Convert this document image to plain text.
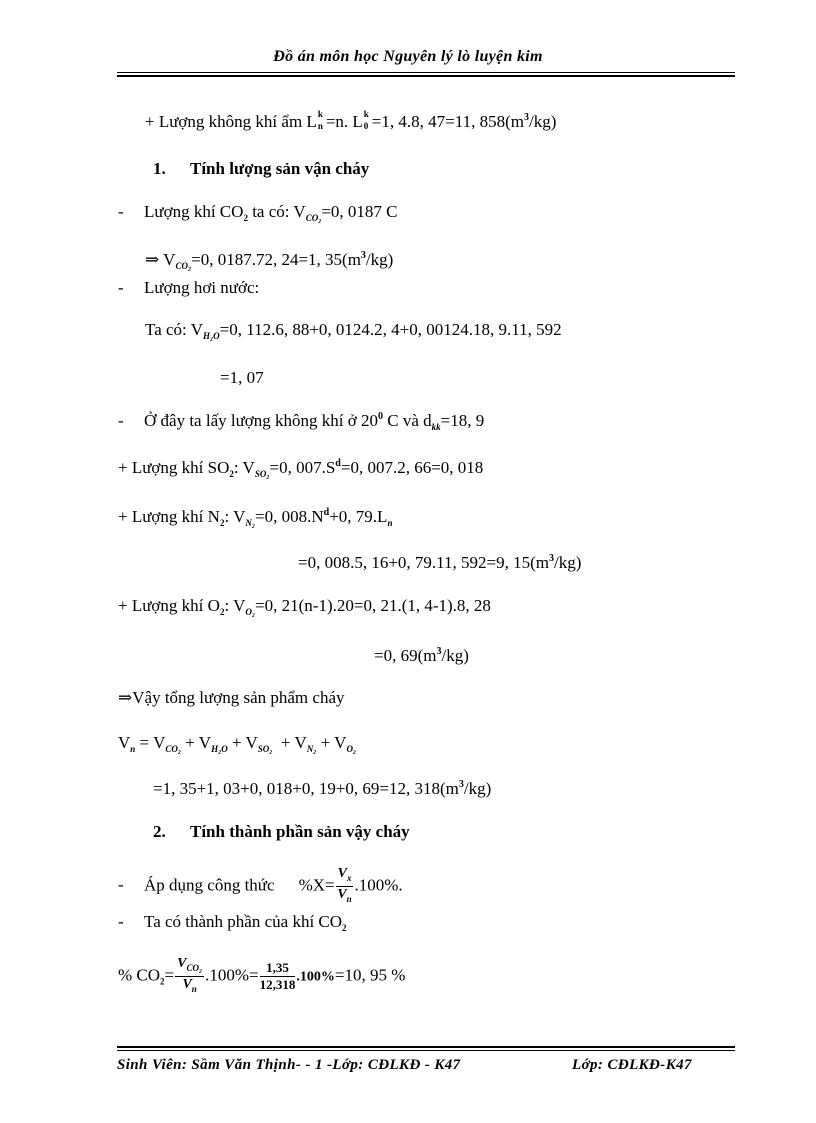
Đồ án môn học Nguyên lý lò luyện kim
+ Lượng không khí ẩm L k
n =n. L k
0 =1, 4.8, 47=11, $858(m^3/kg)$
1. Tính lượng sản vận cháy
- Lượng khí $CO_2$ ta có: $V_{CO_2}=0$, 0187 C
⇒ $V_{CO_2}=0$, 0187.72, 24=1, $35(m^3/kg)$
- Lượng hơi nước:
Ta có: $V_{H_2O}=0$, 112.6, 88+0, 0124.2, 4+0, 00124.18, 9.11, 592
=1, 07
- Ở đây ta lấy lượng không khí ở $20^0$ C và $d_{kk}=18$, 9
+ Lượng khí $SO_2$: $V_{SO_2}=0$, $007.S^d=0$, 007.2, 66=0, 018
+ Lượng khí $N_2$: $V_{N_2}=0$, $008.N^d+0$, $79.L_n$
=0, 008.5, 16+0, 79.11, 592=9, $15(m^3/kg)$
+ Lượng khí $O_2$: $V_{O_2}=0$, 21(n-1).20=0, 21.(1, 4-1).8, 28
=0, $69(m^3/kg)$
⇒Vậy tổng lượng sản phẩm cháy
$V_n = V_{CO_2} + V_{H_2O} + V_{SO_2} + V_{N_2} + V_{O_2}$
=1, 35+1, 03+0, 018+0, 19+0, 69=12, $318(m^3/kg)$
2. Tính thành phần sản vậy cháy
- Áp dụng công thức $\%X= \frac{V_x}{V_n} .100\%$.
- Ta có thành phần của khí $CO_2$
% $CO_2= \frac{V_{CO_2}}{V_n} .100\%= \frac{1,35}{12,318} .100\%=10$, 95 %
Sinh Viên: Sầm Văn Thịnh- - 1 -Lớp: CĐLKĐ - K47	Lớp: CĐLKĐ-K47
